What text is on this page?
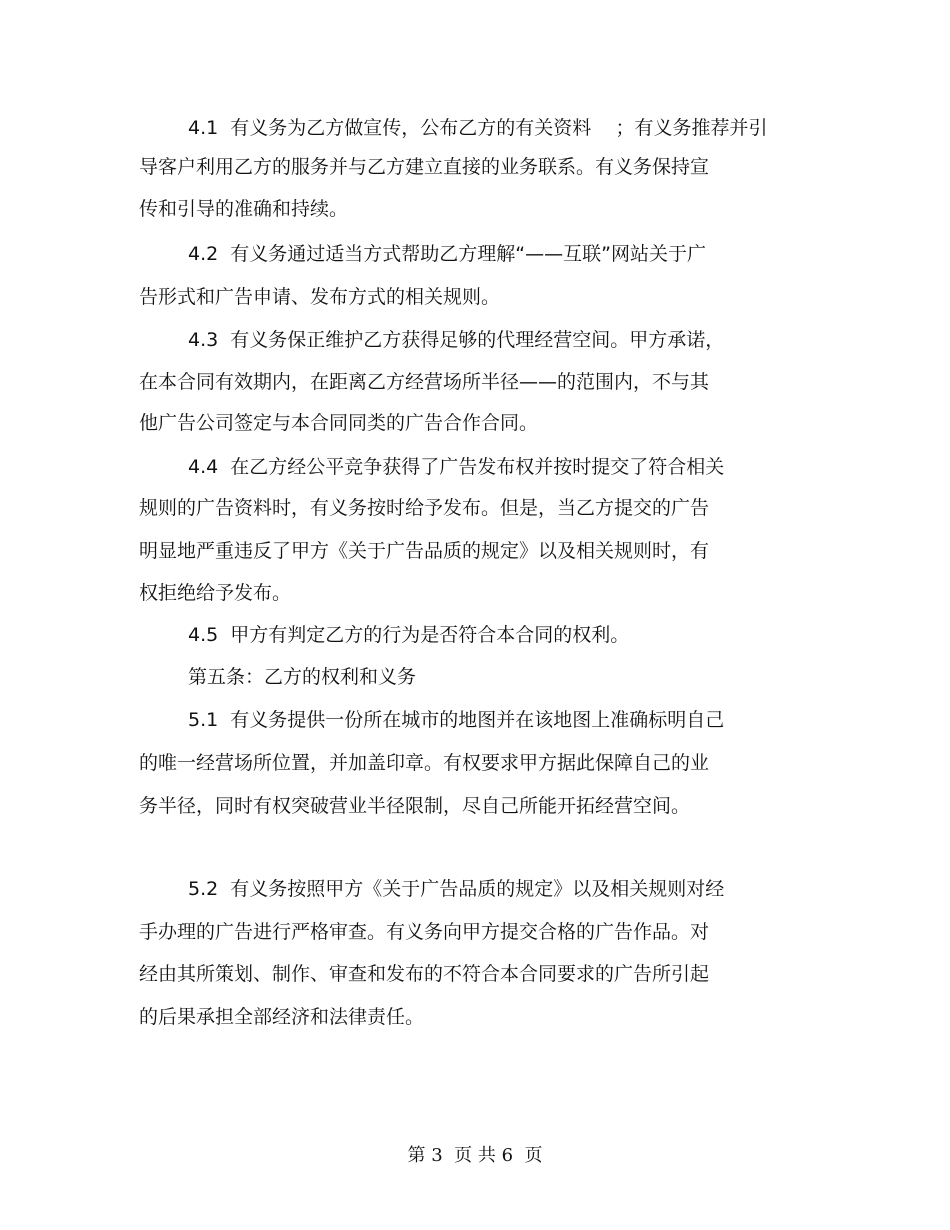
4.1  有义务为乙方做宣传，公布乙方的有关资料    ；有义务推荐并引
导客户利用乙方的服务并与乙方建立直接的业务联系。有义务保持宣
传和引导的准确和持续。
4.2  有义务通过适当方式帮助乙方理解“——互联”网站关于广
告形式和广告申请、发布方式的相关规则。
4.3  有义务保正维护乙方获得足够的代理经营空间。甲方承诺，
在本合同有效期内，在距离乙方经营场所半径——的范围内，不与其
他广告公司签定与本合同同类的广告合作合同。
4.4  在乙方经公平竞争获得了广告发布权并按时提交了符合相关
规则的广告资料时，有义务按时给予发布。但是，当乙方提交的广告
明显地严重违反了甲方《关于广告品质的规定》以及相关规则时，有
权拒绝给予发布。
4.5  甲方有判定乙方的行为是否符合本合同的权利。
第五条：乙方的权利和义务
5.1  有义务提供一份所在城市的地图并在该地图上准确标明自己
的唯一经营场所位置，并加盖印章。有权要求甲方据此保障自己的业
务半径，同时有权突破营业半径限制，尽自己所能开拓经营空间。
5.2  有义务按照甲方《关于广告品质的规定》以及相关规则对经
手办理的广告进行严格审查。有义务向甲方提交合格的广告作品。对
经由其所策划、制作、审查和发布的不符合本合同要求的广告所引起
的后果承担全部经济和法律责任。
第 3  页 共 6  页
